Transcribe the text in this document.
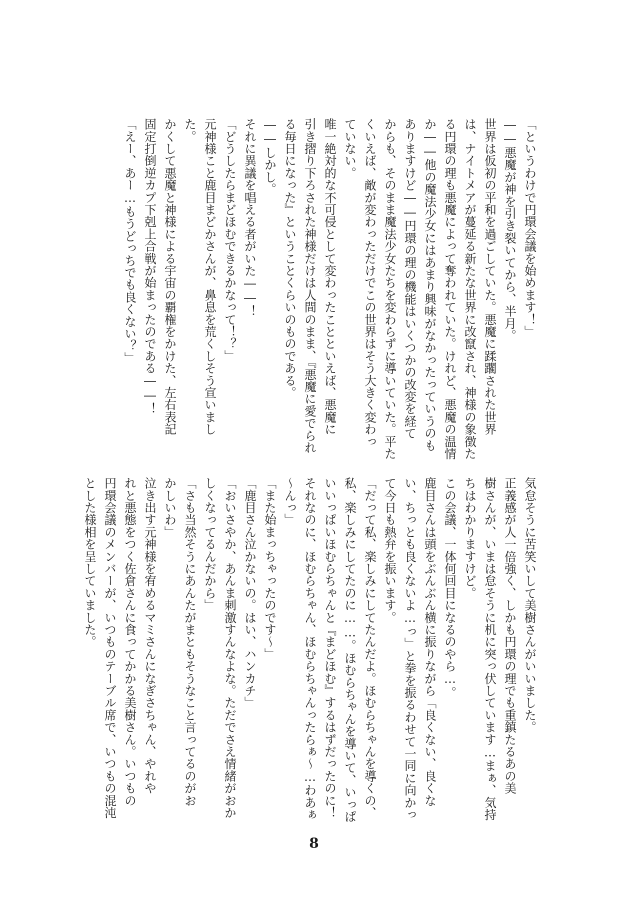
「というわけで円環会議を始めます！」
――悪魔が神を引き裂いてから、半月。
世界は仮初の平和を過ごしていた。悪魔に蹂躙された世界
は、ナイトメアが蔓延る新たな世界に改竄され、神様の象徴た
る円環の理も悪魔によって奪われていた。けれど、悪魔の温情
か――他の魔法少女にはあまり興味がなかったっていうのも
ありますけど――円環の理の機能はいくつかの改変を経て
からも、そのまま魔法少女たちを変わらずに導いていた。平た
くいえば、敵が変わっただけでこの世界はそう大きく変わっ
ていない。
唯一絶対的な不可侵として変わったことといえば、悪魔に
引き摺り下ろされた神様だけは人間のまま、『悪魔に愛でられ
る毎日になった』ということくらいのものである。
――しかし。
それに異議を唱える者がいた――！
「どうしたらまどほむできるかなって！？」
元神様こと鹿目まどかさんが、鼻息を荒くしそう宣いまし
た。
かくして悪魔と神様による宇宙の覇権をかけた、左右表記
固定打倒逆カプ下剋上合戦が始まったのである――！
「えー、あー…もうどっちでも良くない？」
気怠そうに苦笑いして美樹さんがいいました。
正義感が人一倍強く、しかも円環の理でも重鎮たるあの美
樹さんが、いまは怠そうに机に突っ伏しています…まぁ、気持
ちはわかりますけど。
この会議、一体何回目になるのやら…。
鹿目さんは頭をぶんぶん横に振りながら「良くない、良くな
い、ちっとも良くないよ…っ」と拳を振るわせて一同に向かっ
て今日も熱弁を振います。
「だって私、楽しみにしてたんだよ。ほむらちゃんを導くの、
私、楽しみにしてたのに……。ほむらちゃんを導いて、いっぱ
いいっぱいほむらちゃんと『まどほむ』するはずだったのに！
それなのに、ほむらちゃん、ほむらちゃんったらぁ～…わあぁ
～んっ」
「また始まっちゃったのです～」
「鹿目さん泣かないの。はい、ハンカチ」
「おいさやか、あんま刺激すんなよな。ただでさえ情緒がおか
しくなってるんだから」
「さも当然そうにあんたがまともそうなこと言ってるのがお
かしいわ」
泣き出す元神様を宥めるマミさんになぎさちゃん、やれや
れと悪態をつく佐倉さんに食ってかかる美樹さん。いつもの
円環会議のメンバーが、いつものテーブル席で、いつもの混沌
とした様相を呈していました。
8
